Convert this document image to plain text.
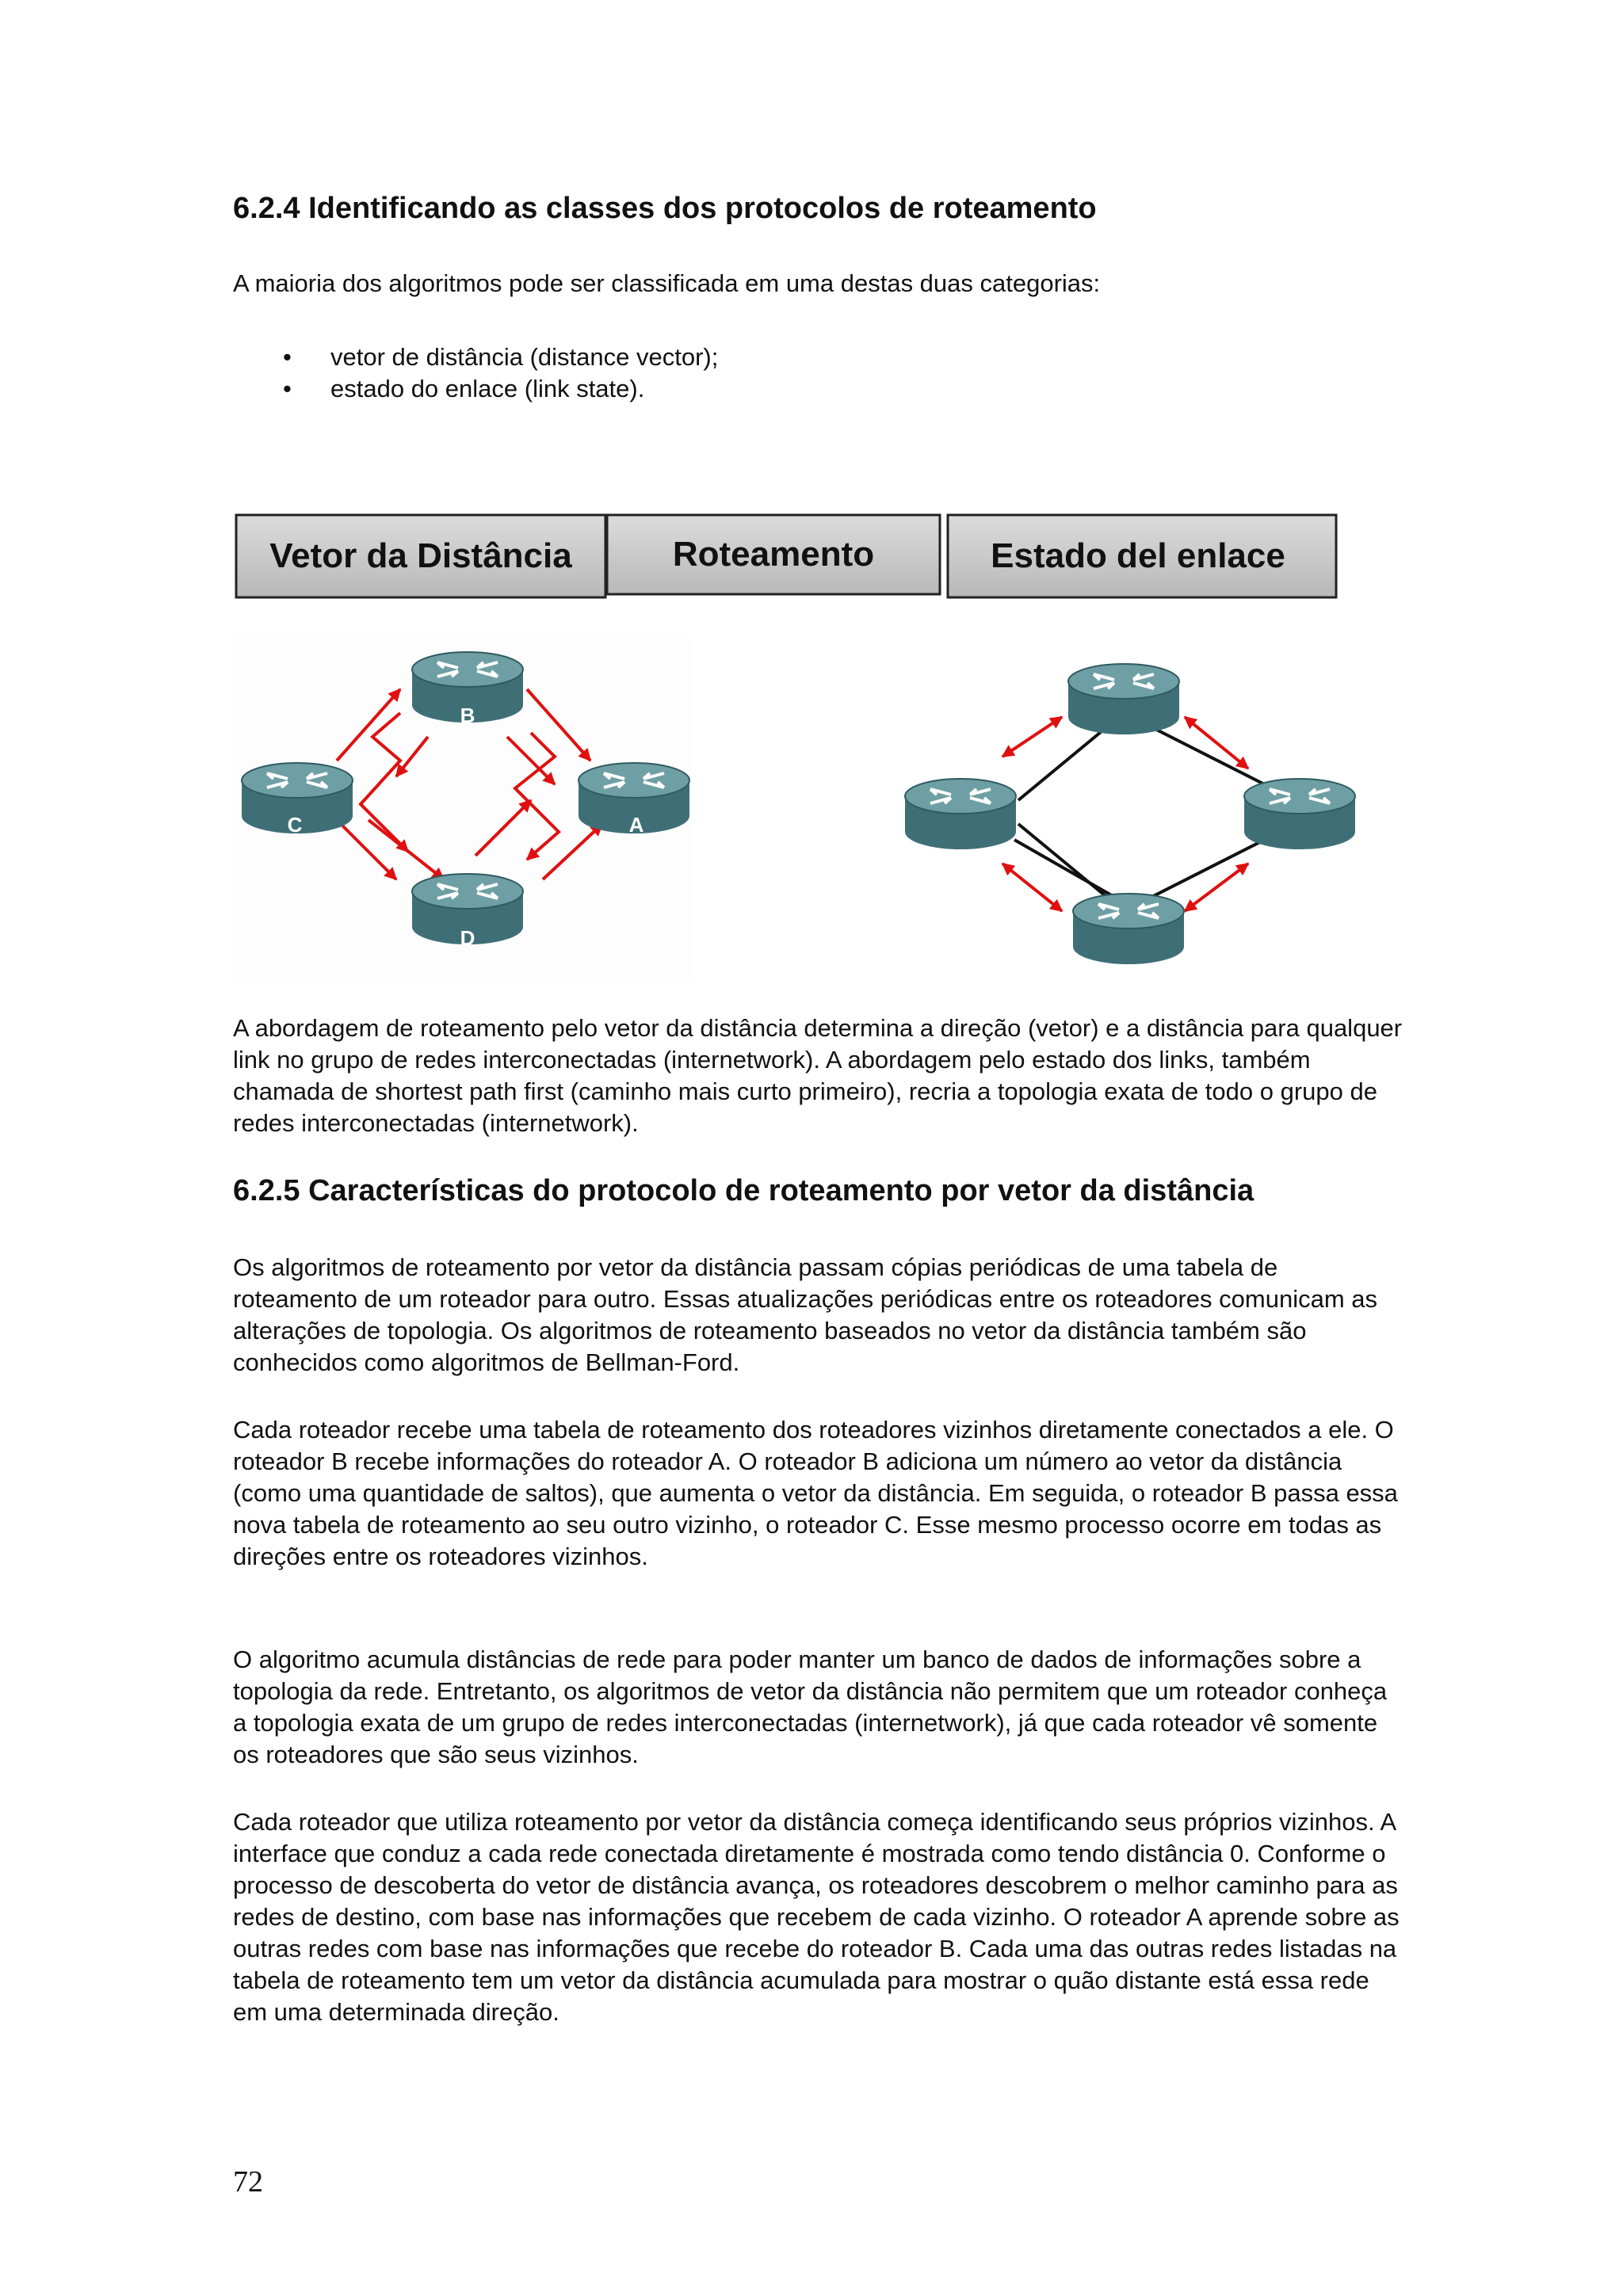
6.2.4 Identificando as classes dos protocolos de roteamento

A maioria dos algoritmos pode ser classificada em uma destas duas categorias:

• vetor de distância (distance vector);
• estado do enlace (link state).
Vetor da Distância	Roteamento	Estado del enlace
B
C	A
D

A abordagem de roteamento pelo vetor da distância determina a direção (vetor) e a distância para qualquer link no grupo de redes interconectadas (internetwork). A abordagem pelo estado dos links, também chamada de shortest path first (caminho mais curto primeiro), recria a topologia exata de todo o grupo de redes interconectadas (internetwork).

6.2.5 Características do protocolo de roteamento por vetor da distância

Os algoritmos de roteamento por vetor da distância passam cópias periódicas de uma tabela de roteamento de um roteador para outro. Essas atualizações periódicas entre os roteadores comunicam as alterações de topologia. Os algoritmos de roteamento baseados no vetor da distância também são conhecidos como algoritmos de Bellman-Ford.

Cada roteador recebe uma tabela de roteamento dos roteadores vizinhos diretamente conectados a ele. O roteador B recebe informações do roteador A. O roteador B adiciona um número ao vetor da distância (como uma quantidade de saltos), que aumenta o vetor da distância. Em seguida, o roteador B passa essa nova tabela de roteamento ao seu outro vizinho, o roteador C. Esse mesmo processo ocorre em todas as direções entre os roteadores vizinhos.

O algoritmo acumula distâncias de rede para poder manter um banco de dados de informações sobre a topologia da rede. Entretanto, os algoritmos de vetor da distância não permitem que um roteador conheça a topologia exata de um grupo de redes interconectadas (internetwork), já que cada roteador vê somente os roteadores que são seus vizinhos.

Cada roteador que utiliza roteamento por vetor da distância começa identificando seus próprios vizinhos. A interface que conduz a cada rede conectada diretamente é mostrada como tendo distância 0. Conforme o processo de descoberta do vetor de distância avança, os roteadores descobrem o melhor caminho para as redes de destino, com base nas informações que recebem de cada vizinho. O roteador A aprende sobre as outras redes com base nas informações que recebe do roteador B. Cada uma das outras redes listadas na tabela de roteamento tem um vetor da distância acumulada para mostrar o quão distante está essa rede em uma determinada direção.

72
